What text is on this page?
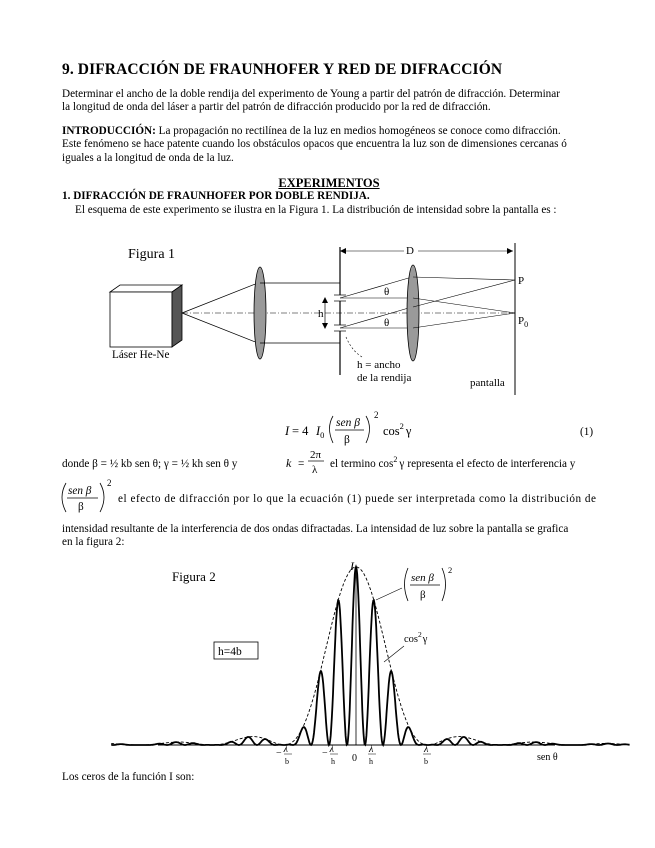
9. DIFRACCIÓN DE FRAUNHOFER Y RED DE DIFRACCIÓN
Determinar el ancho de la doble rendija del experimento de Young a partir del patrón de difracción. Determinar
la longitud de onda del láser a partir del patrón de difracción producido por la red de difracción.
INTRODUCCIÓN: La propagación no rectilínea de la luz en medios homogéneos se conoce como difracción.
Este fenómeno se hace patente cuando los obstáculos opacos que encuentra la luz son de dimensiones cercanas ó
iguales a la longitud de onda de la luz.
EXPERIMENTOS
1. DIFRACCIÓN DE FRAUNHOFER POR DOBLE RENDIJA.
El esquema de este experimento se ilustra en la Figura 1. La distribución de intensidad sobre la pantalla es :
Figura 1
Láser He-Ne
h
θ
θ
P
$P_0$
D
h = ancho
de la rendija	pantalla
I = 4 $I_0$
sen β
β
2
$\cos^2 \gamma$	(1)
donde β = ½ kb sen θ; γ = ½ kh sen θ y	k =
2π
λ el termino $\cos^2 \gamma$ representa el efecto de interferencia y
sen β
β
2
el efecto de difracción por lo que la ecuación (1) puede ser interpretada como la distribución de
intensidad resultante de la interferencia de dos ondas difractadas. La intensidad de luz sobre la pantalla se grafica
en la figura 2:
Figura 2
I
h=4b
sen β
β
2
$\cos^2\gamma$
− λ
b
− λ
h 0
λ
h
λ
b	sen θ
Los ceros de la función I son:
